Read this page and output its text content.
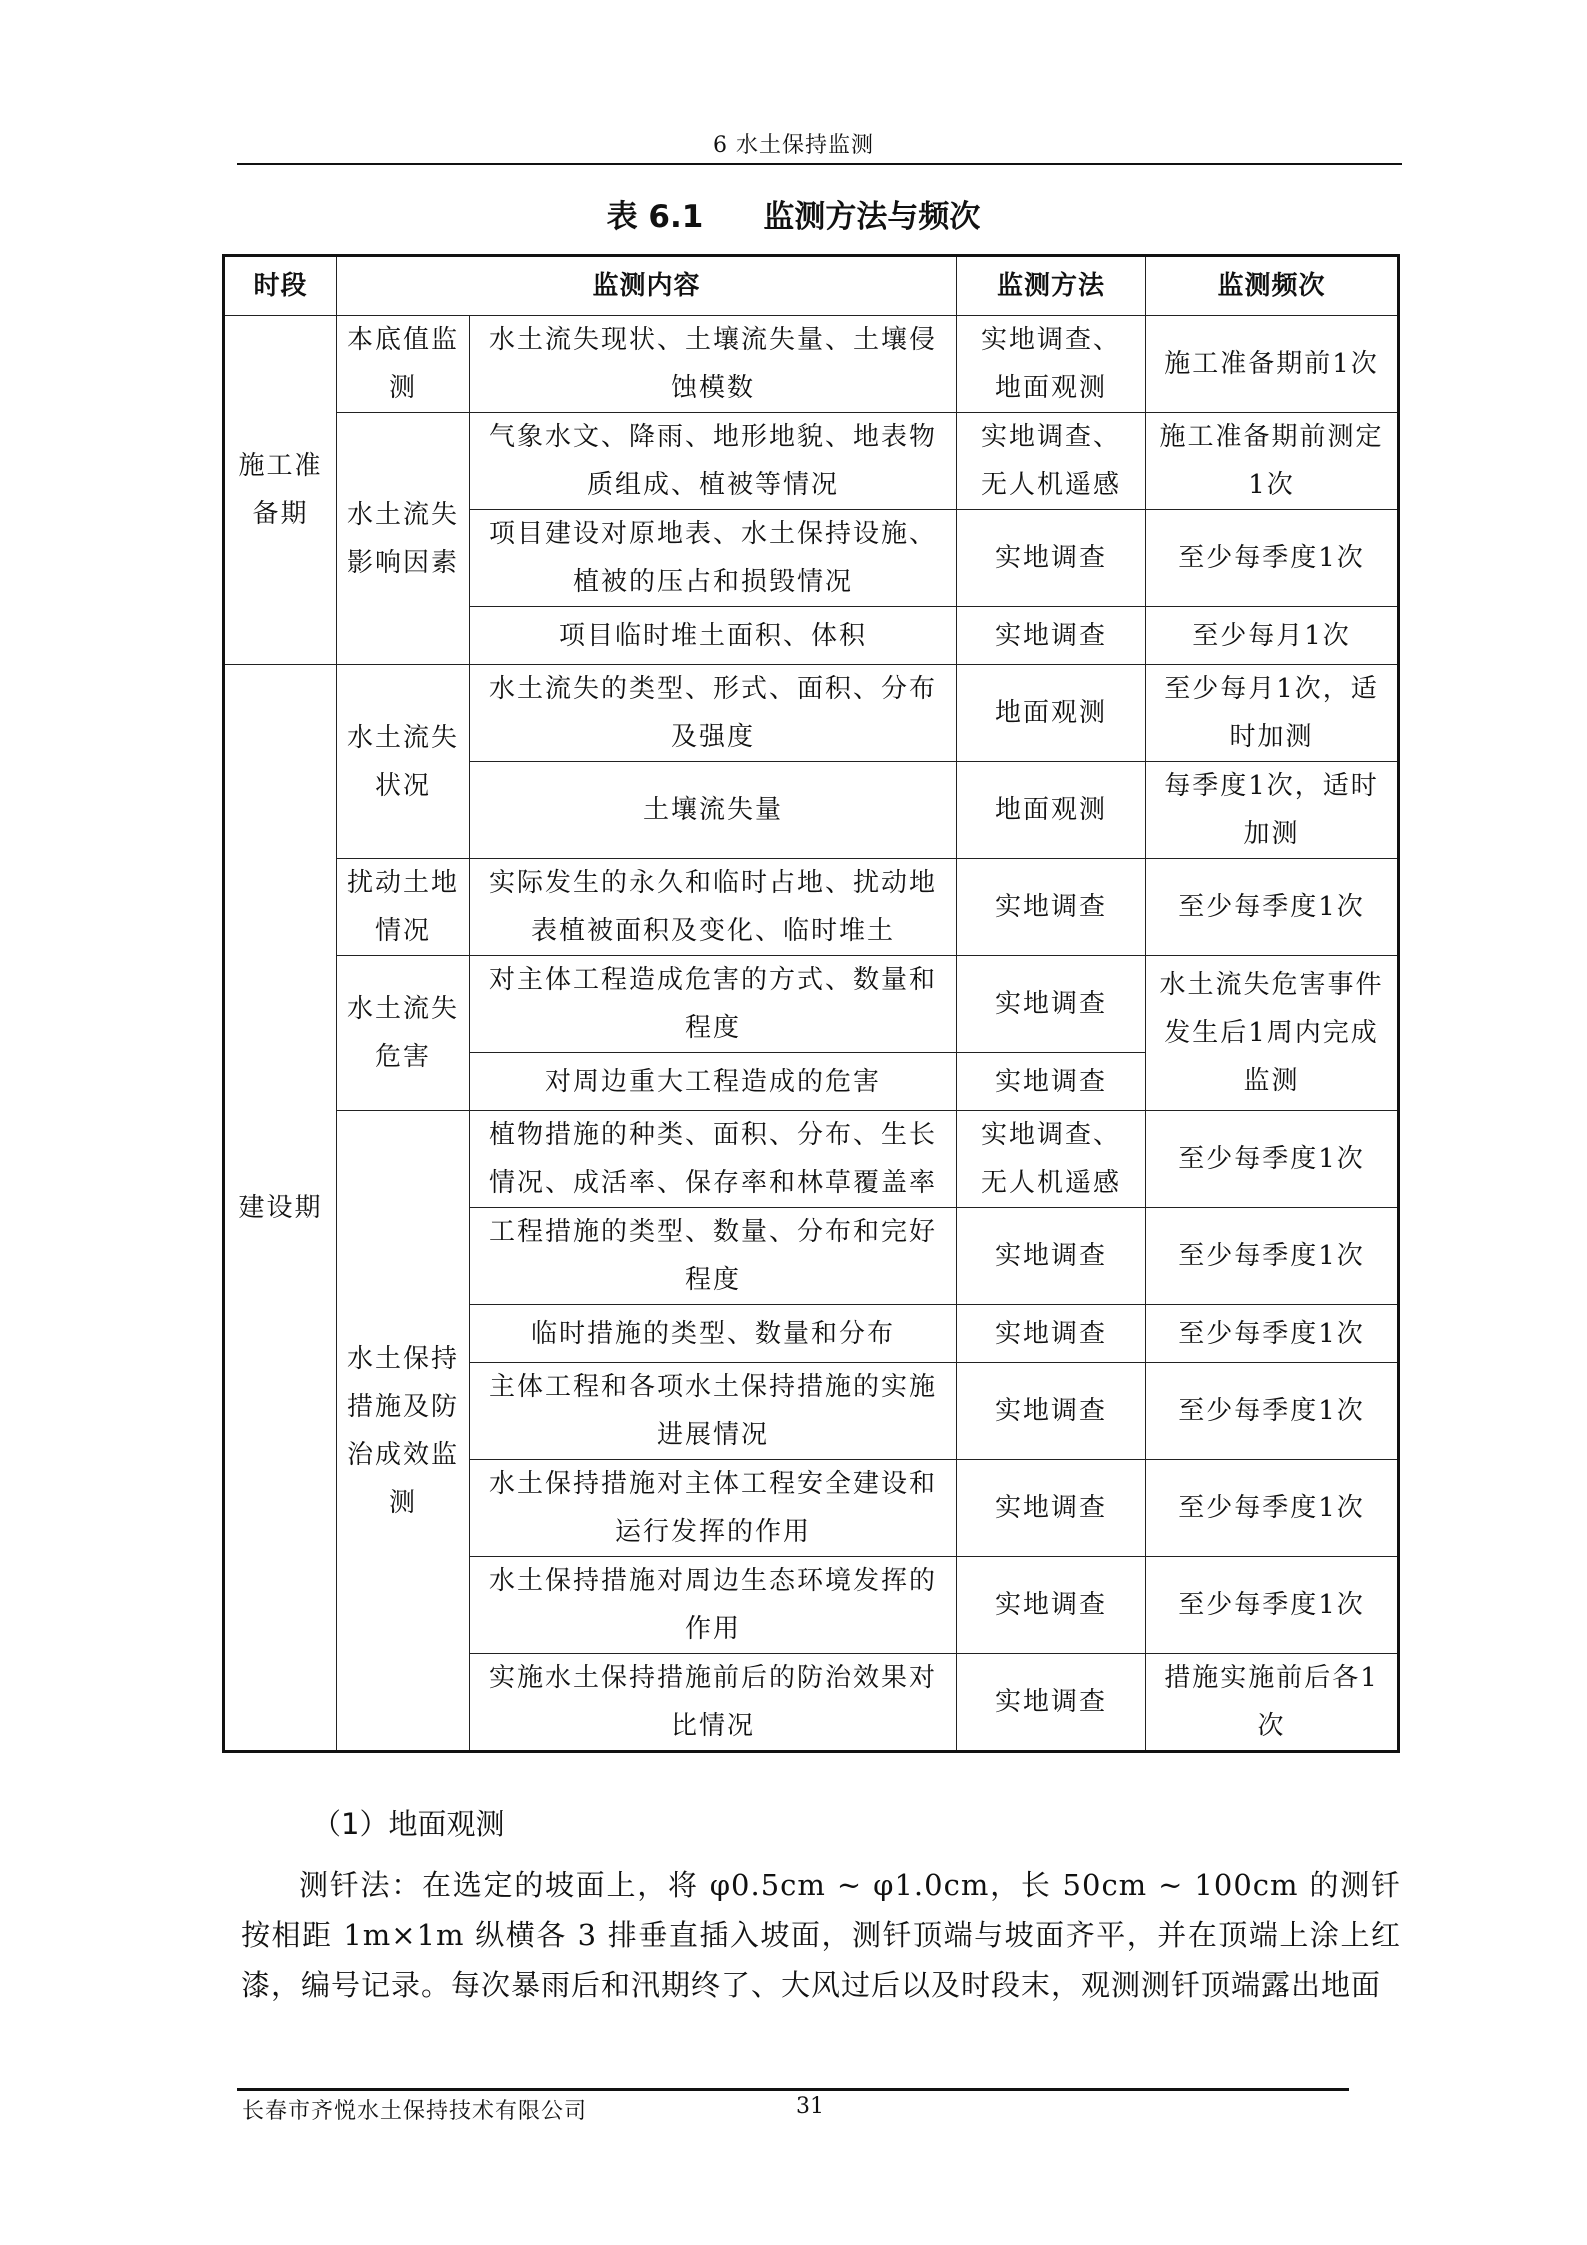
6 水土保持监测
表 6.1 监测方法与频次
时段	监测内容		监测方法	监测频次
施工准备期	本底值监测	水土流失现状、土壤流失量、土壤侵蚀模数	实地调查、地面观测	施工准备期前1次
	水土流失影响因素	气象水文、降雨、地形地貌、地表物质组成、植被等情况	实地调查、无人机遥感	施工准备期前测定1次
		项目建设对原地表、水土保持设施、植被的压占和损毁情况	实地调查	至少每季度1次
		项目临时堆土面积、体积	实地调查	至少每月1次
建设期	水土流失状况	水土流失的类型、形式、面积、分布及强度	地面观测	至少每月1次，适时加测
		土壤流失量	地面观测	每季度1次，适时加测
	扰动土地情况	实际发生的永久和临时占地、扰动地表植被面积及变化、临时堆土	实地调查	至少每季度1次
	水土流失危害	对主体工程造成危害的方式、数量和程度	实地调查	水土流失危害事件发生后1周内完成监测
		对周边重大工程造成的危害	实地调查	
	水土保持措施及防治成效监测	植物措施的种类、面积、分布、生长情况、成活率、保存率和林草覆盖率	实地调查、无人机遥感	至少每季度1次
		工程措施的类型、数量、分布和完好程度	实地调查	至少每季度1次
		临时措施的类型、数量和分布	实地调查	至少每季度1次
		主体工程和各项水土保持措施的实施进展情况	实地调查	至少每季度1次
		水土保持措施对主体工程安全建设和运行发挥的作用	实地调查	至少每季度1次
		水土保持措施对周边生态环境发挥的作用	实地调查	至少每季度1次
		实施水土保持措施前后的防治效果对比情况	实地调查	措施实施前后各1次
（1）地面观测
测钎法：在选定的坡面上，将 φ0.5cm ~ φ1.0cm，长 50cm ~ 100cm 的测钎按相距 1m×1m 纵横各 3 排垂直插入坡面，测钎顶端与坡面齐平，并在顶端上涂上红漆，编号记录。每次暴雨后和汛期终了、大风过后以及时段末，观测测钎顶端露出地面
长春市齐悦水土保持技术有限公司	31
